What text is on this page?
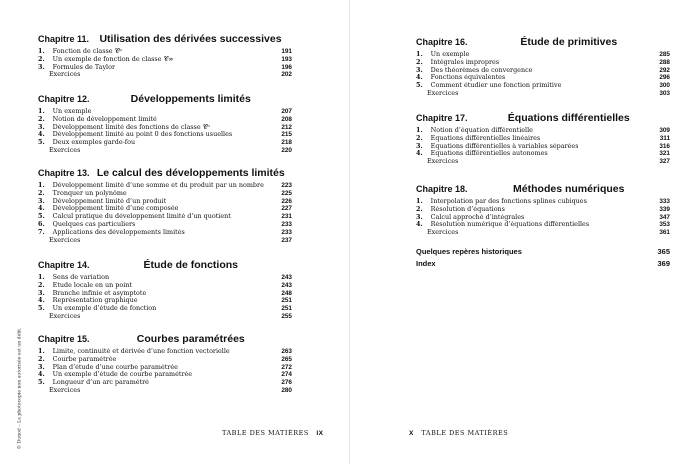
© Dunod – La photocopie non autorisée est un délit.
Chapitre 11. Utilisation des dérivées successives
1. Fonction de classe 𝒞ᵖ	191
2. Un exemple de fonction de classe 𝒞∞	193
3. Formules de Taylor	196
Exercices	202
Chapitre 12.	Développements limités
1. Un exemple	207
2. Notion de développement limité	208
3. Développement limité des fonctions de classe 𝒞ⁿ	212
4. Développement limité au point 0 des fonctions usuelles	215
5. Deux exemples garde-fou	218
Exercices	220
Chapitre 13. Le calcul des développements limités
1. Développement limité d’une somme et du produit par un nombre	223
2. Tronquer un polynôme	225
3. Développement limité d’un produit	226
4. Développement limité d’une composée	227
5. Calcul pratique du développement limité d’un quotient	231
6. Quelques cas particuliers	233
7. Applications des développements limités	233
Exercices	237
Chapitre 14.	Étude de fonctions
1. Sens de variation	243
2. Étude locale en un point	243
3. Branche infinie et asymptote	248
4. Représentation graphique	251
5. Un exemple d’étude de fonction	251
Exercices	255
Chapitre 15.	Courbes paramétrées
1. Limite, continuité et dérivée d’une fonction vectorielle	263
2. Courbe paramétrée	265
3. Plan d’étude d’une courbe paramétrée	272
4. Un exemple d’étude de courbe paramétrée	274
5. Longueur d’un arc paramétré	276
Exercices	280
TABLE DES MATIÈRES IX
Chapitre 16.	Étude de primitives
1. Un exemple	285
2. Intégrales impropres	288
3. Des théorèmes de convergence	292
4. Fonctions équivalentes	296
5. Comment étudier une fonction primitive	300
Exercices	303
Chapitre 17.	Équations différentielles
1. Notion d’équation différentielle	309
2. Équations différentielles linéaires	311
3. Équations différentielles à variables séparées	316
4. Équations différentielles autonomes	321
Exercices	327
Chapitre 18.	Méthodes numériques
1. Interpolation par des fonctions splines cubiques	333
2. Résolution d’équations	339
3. Calcul approché d’intégrales	347
4. Résolution numérique d’équations différentielles	353
Exercices	361
Quelques repères historiques	365
Index	369
X TABLE DES MATIÈRES
